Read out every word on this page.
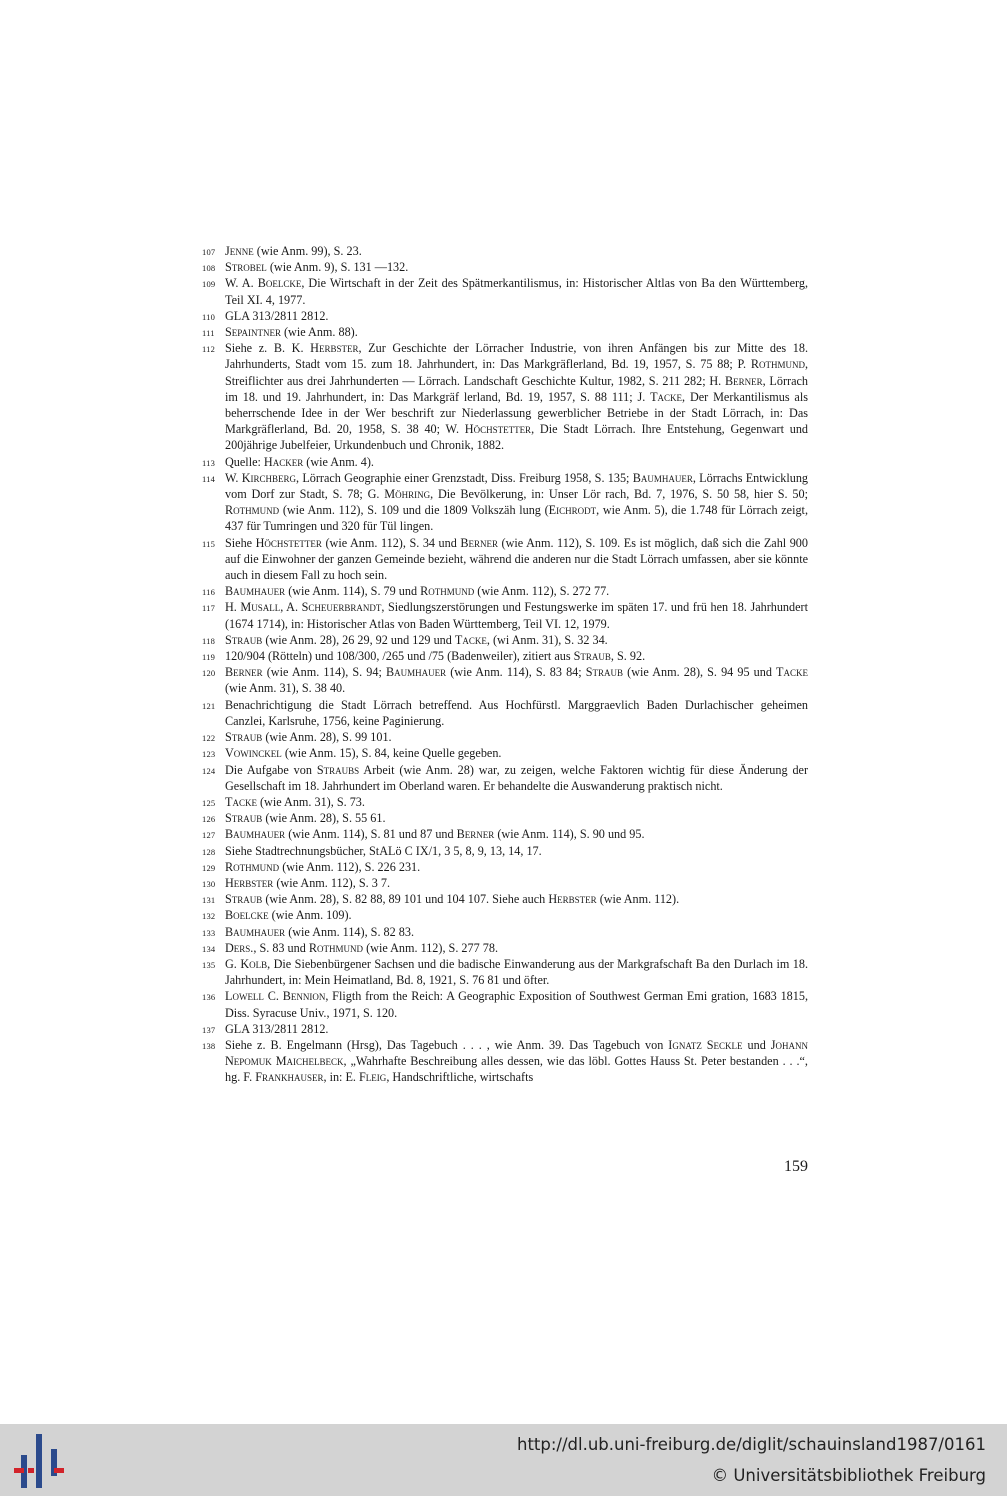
107 Jenne (wie Anm. 99), S. 23.
108 Strobel (wie Anm. 9), S. 131 —132.
109 W. A. Boelcke, Die Wirtschaft in der Zeit des Spätmerkantilismus, in: Historischer Altlas von Ba den Württemberg, Teil XI. 4, 1977.
110 GLA 313/2811 2812.
111 Sepaintner (wie Anm. 88).
112 Siehe z. B. K. Herbster, Zur Geschichte der Lörracher Industrie, von ihren Anfängen bis zur Mitte des 18. Jahrhunderts, Stadt vom 15. zum 18. Jahrhundert, in: Das Markgräflerland, Bd. 19, 1957, S. 75 88; P. Rothmund, Streiflichter aus drei Jahrhunderten — Lörrach. Landschaft Geschichte Kultur, 1982, S. 211 282; H. Berner, Lörrach im 18. und 19. Jahrhundert, in: Das Markgräf lerland, Bd. 19, 1957, S. 88 111; J. Tacke, Der Merkantilismus als beherrschende Idee in der Wer beschrift zur Niederlassung gewerblicher Betriebe in der Stadt Lörrach, in: Das Markgräflerland, Bd. 20, 1958, S. 38 40; W. Höchstetter, Die Stadt Lörrach. Ihre Entstehung, Gegenwart und 200jährige Jubelfeier, Urkundenbuch und Chronik, 1882.
113 Quelle: Hacker (wie Anm. 4).
114 W. Kirchberg, Lörrach Geographie einer Grenzstadt, Diss. Freiburg 1958, S. 135; Baumhauer, Lörrachs Entwicklung vom Dorf zur Stadt, S. 78; G. Möhring, Die Bevölkerung, in: Unser Lör rach, Bd. 7, 1976, S. 50 58, hier S. 50; Rothmund (wie Anm. 112), S. 109 und die 1809 Volkszäh lung (Eichrodt, wie Anm. 5), die 1.748 für Lörrach zeigt, 437 für Tumringen und 320 für Tül lingen.
115 Siehe Höchstetter (wie Anm. 112), S. 34 und Berner (wie Anm. 112), S. 109. Es ist möglich, daß sich die Zahl 900 auf die Einwohner der ganzen Gemeinde bezieht, während die anderen nur die Stadt Lörrach umfassen, aber sie könnte auch in diesem Fall zu hoch sein.
116 Baumhauer (wie Anm. 114), S. 79 und Rothmund (wie Anm. 112), S. 272 77.
117 H. Musall, A. Scheuerbrandt, Siedlungszerstörungen und Festungswerke im späten 17. und frü hen 18. Jahrhundert (1674 1714), in: Historischer Atlas von Baden Württemberg, Teil VI. 12, 1979.
118 Straub (wie Anm. 28), 26 29, 92 und 129 und Tacke, (wi Anm. 31), S. 32 34.
119 120/904 (Rötteln) und 108/300, /265 und /75 (Badenweiler), zitiert aus Straub, S. 92.
120 Berner (wie Anm. 114), S. 94; Baumhauer (wie Anm. 114), S. 83 84; Straub (wie Anm. 28), S. 94 95 und Tacke (wie Anm. 31), S. 38 40.
121 Benachrichtigung die Stadt Lörrach betreffend. Aus Hochfürstl. Marggraevlich Baden Durlachischer geheimen Canzlei, Karlsruhe, 1756, keine Paginierung.
122 Straub (wie Anm. 28), S. 99 101.
123 Vowinckel (wie Anm. 15), S. 84, keine Quelle gegeben.
124 Die Aufgabe von Straubs Arbeit (wie Anm. 28) war, zu zeigen, welche Faktoren wichtig für diese Änderung der Gesellschaft im 18. Jahrhundert im Oberland waren. Er behandelte die Auswanderung praktisch nicht.
125 Tacke (wie Anm. 31), S. 73.
126 Straub (wie Anm. 28), S. 55 61.
127 Baumhauer (wie Anm. 114), S. 81 und 87 und Berner (wie Anm. 114), S. 90 und 95.
128 Siehe Stadtrechnungsbücher, StALö C IX/1, 3 5, 8, 9, 13, 14, 17.
129 Rothmund (wie Anm. 112), S. 226 231.
130 Herbster (wie Anm. 112), S. 3 7.
131 Straub (wie Anm. 28), S. 82 88, 89 101 und 104 107. Siehe auch Herbster (wie Anm. 112).
132 Boelcke (wie Anm. 109).
133 Baumhauer (wie Anm. 114), S. 82 83.
134 Ders., S. 83 und Rothmund (wie Anm. 112), S. 277 78.
135 G. Kolb, Die Siebenbürgener Sachsen und die badische Einwanderung aus der Markgrafschaft Ba den Durlach im 18. Jahrhundert, in: Mein Heimatland, Bd. 8, 1921, S. 76 81 und öfter.
136 Lowell C. Bennion, Fligth from the Reich: A Geographic Exposition of Southwest German Emi gration, 1683 1815, Diss. Syracuse Univ., 1971, S. 120.
137 GLA 313/2811 2812.
138 Siehe z. B. Engelmann (Hrsg), Das Tagebuch . . . , wie Anm. 39. Das Tagebuch von Ignatz Seckle und Johann Nepomuk Maichelbeck, „Wahrhafte Beschreibung alles dessen, wie das löbl. Gottes Hauss St. Peter bestanden . . .“, hg. F. Frankhauser, in: E. Fleig, Handschriftliche, wirtschafts
159
http://dl.ub.uni-freiburg.de/diglit/schauinsland1987/0161
© Universitätsbibliothek Freiburg
